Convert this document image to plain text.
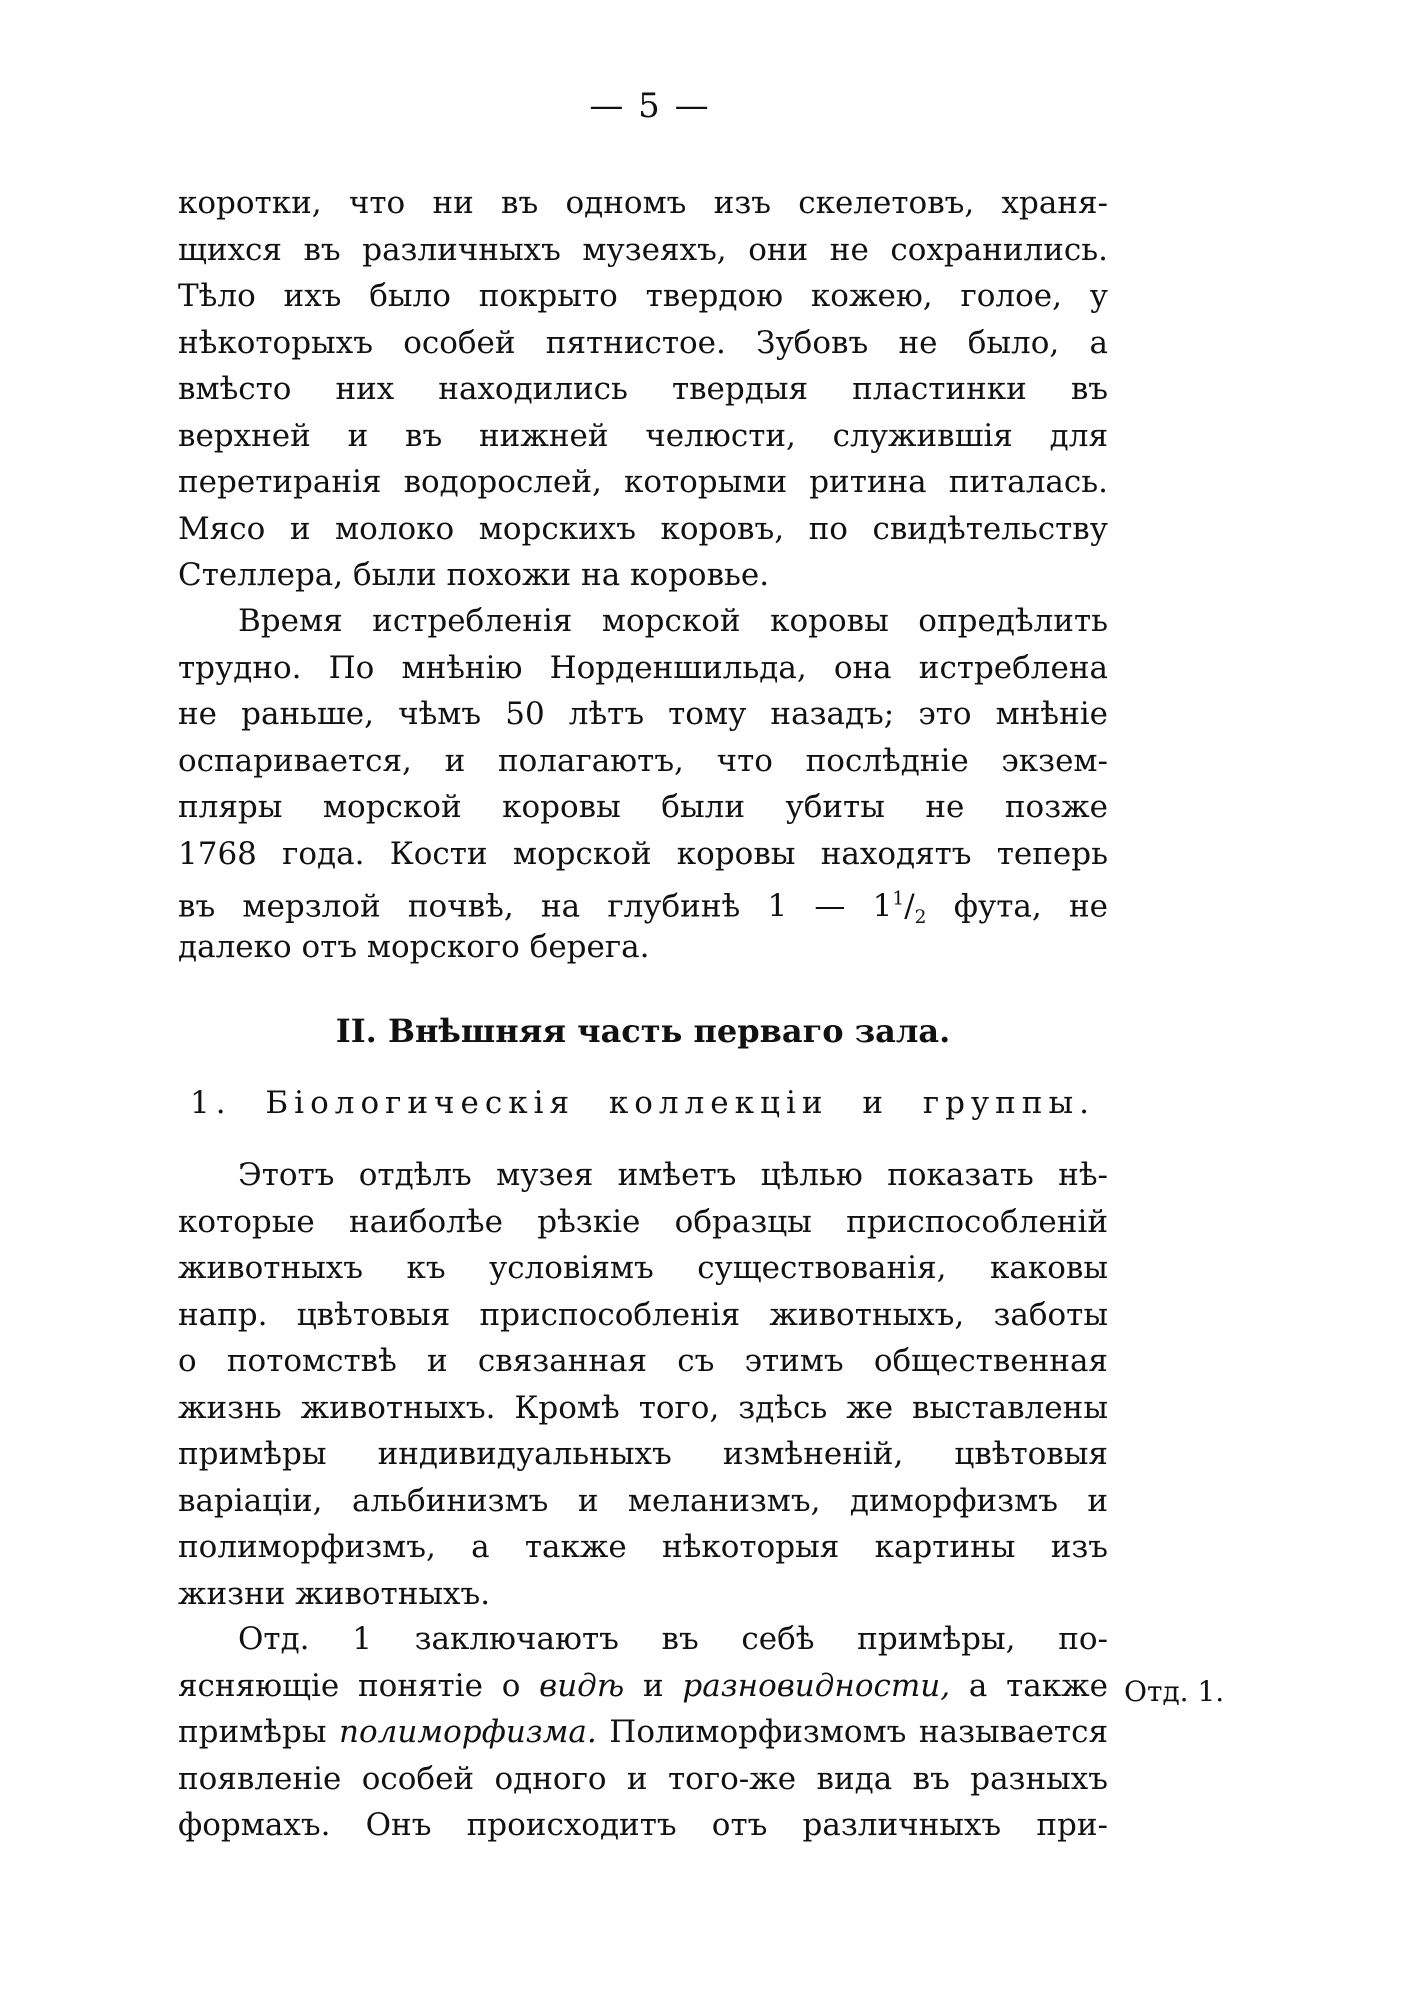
— 5 —
коротки, что ни въ одномъ изъ скелетовъ, храня-
щихся въ различныхъ музеяхъ, они не сохранились.
Тѣло ихъ было покрыто твердою кожею, голое, у
нѣкоторыхъ особей пятнистое. Зубовъ не было, а
вмѣсто них находились твердыя пластинки въ
верхней и въ нижней челюсти, служившія для
перетиранія водорослей, которыми ритина питалась.
Мясо и молоко морскихъ коровъ, по свидѣтельству
Стеллера, были похожи на коровье.
Время истребленія морской коровы опредѣлить
трудно. По мнѣнію Норденшильда, она истреблена
не раньше, чѣмъ 50 лѣтъ тому назадъ; это мнѣніе
оспаривается, и полагаютъ, что послѣдніе экзем-
пляры морской коровы были убиты не позже
1768 года. Кости морской коровы находятъ теперь
въ мерзлой почвѣ, на глубинѣ 1 — $1^1/_2$ фута, не
далеко отъ морского берега.
II. Внѣшняя часть перваго зала.
1. Біологическія коллекціи и группы.
Этотъ отдѣлъ музея имѣетъ цѣлью показать нѣ-
которые наиболѣе рѣзкіе образцы приспособленій
животныхъ къ условіямъ существованія, каковы
напр. цвѣтовыя приспособленія животныхъ, заботы
о потомствѣ и связанная съ этимъ общественная
жизнь животныхъ. Кромѣ того, здѣсь же выставлены
примѣры индивидуальныхъ измѣненій, цвѣтовыя
варіаціи, альбинизмъ и меланизмъ, диморфизмъ и
полиморфизмъ, а также нѣкоторыя картины изъ
жизни животныхъ.
Отд. 1 заключаютъ въ себѣ примѣры, по-
ясняющіе понятіе о видѣ и разновидности, а также
примѣры полиморфизма. Полиморфизмомъ называется
появленіе особей одного и того-же вида въ разныхъ
формахъ. Онъ происходитъ отъ различныхъ при-
Отд. 1.
